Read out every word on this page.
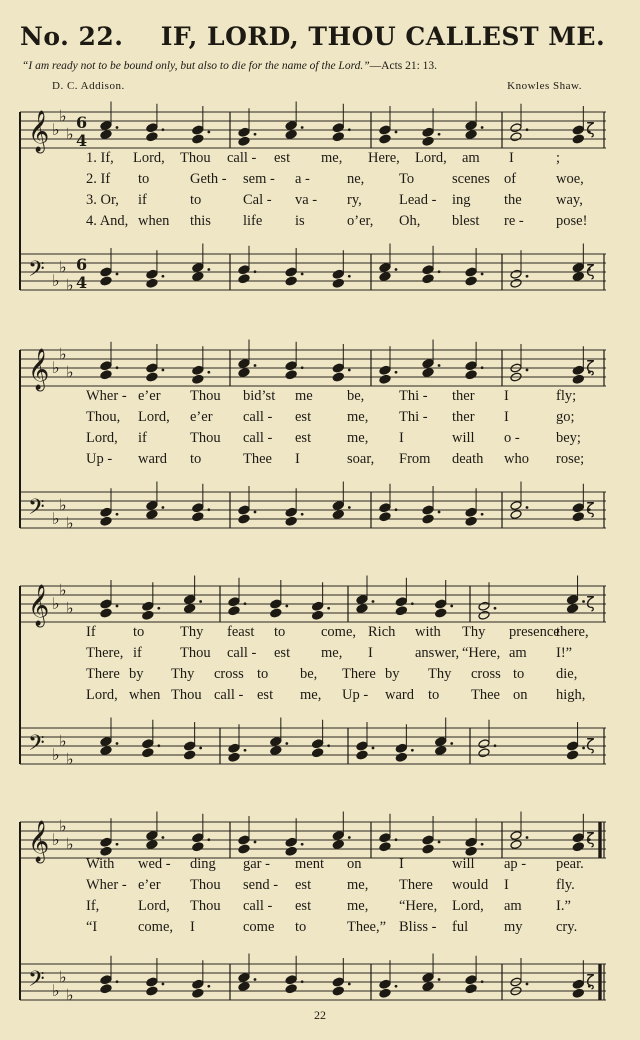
No. 22. IF, LORD, THOU CALLEST ME.
“I am ready not to be bound only, but also to die for the name of the Lord.”—Acts 21: 13.
D. C. Addison.	Knowles Shaw.
𝄞
𝄢
♭
♭
♭
♭
♭
♭
6
4
6
4
ζ
ζ
1. If, Lord, Thou call - est me, Here, Lord, am I	;
2. If to	Geth - sem - a -	ne, To	scenes of	woe,
3. Or, if	to	Cal - va - ry,	Lead - ing the way,
4. And, when this life is	o’er, Oh, blest re - pose!
𝄞
𝄢
♭
♭
♭
♭
♭
♭
ζ
ζ
Wher - e’er Thou bid’st me be, Thi - ther I	fly;
Thou, Lord, e’er call - est me, Thi - ther I	go;
Lord, if	Thou call - est me, I	will o -	bey;
Up - ward to	Thee I	soar, From death who rose;
𝄞
𝄢
♭
♭
♭
♭
♭
♭
ζ
ζ
If	to Thy feast to come, Rich with Thy presence
there,
There, if	Thou call - est me, I	answer, “Here, am I!”
There by Thy cross to be, There by Thy cross to die,
Lord, when Thou call - est me, Up - ward to Thee on high,
𝄞
𝄢
♭
♭
♭
♭
♭
♭
ζ
ζ
With wed - ding gar - ment on	I	will ap - pear.
Wher - e’er Thou send - est me, There would I	fly.
If,	Lord, Thou call - est me, “Here, Lord, am I.”
“I	come, I	come to	Thee,” Bliss - ful my cry.
22
